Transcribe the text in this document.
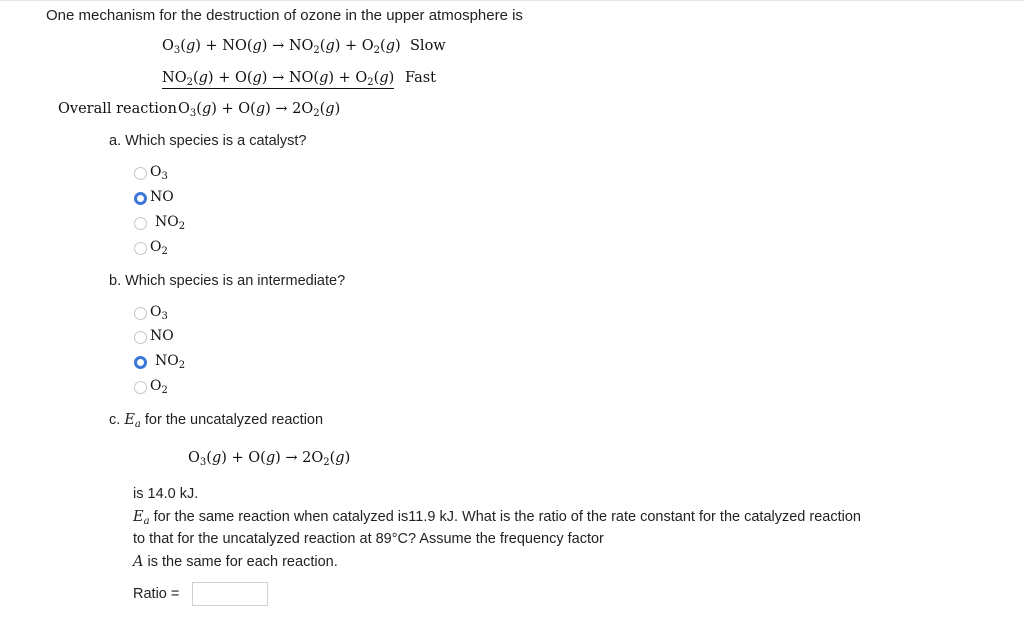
One mechanism for the destruction of ozone in the upper atmosphere is
$O_3(g) + NO(g) \to NO_2(g) + O_2(g)$ Slow
$NO_2(g) + O(g) \to NO(g) + O_2(g)$ Fast
Overall reaction $O_3(g) + O(g) \to 2O_2(g)$
a. Which species is a catalyst?
$O_3$
NO
$NO_2$
$O_2$
b. Which species is an intermediate?
$O_3$
NO
$NO_2$
$O_2$
c. $E_a$ for the uncatalyzed reaction
$O_3(g) + O(g) \to 2O_2(g)$
is 14.0 kJ.
$E_a$ for the same reaction when catalyzed is11.9 kJ. What is the ratio of the rate constant for the catalyzed reaction
to that for the uncatalyzed reaction at 89°C? Assume the frequency factor
A is the same for each reaction.
Ratio =
